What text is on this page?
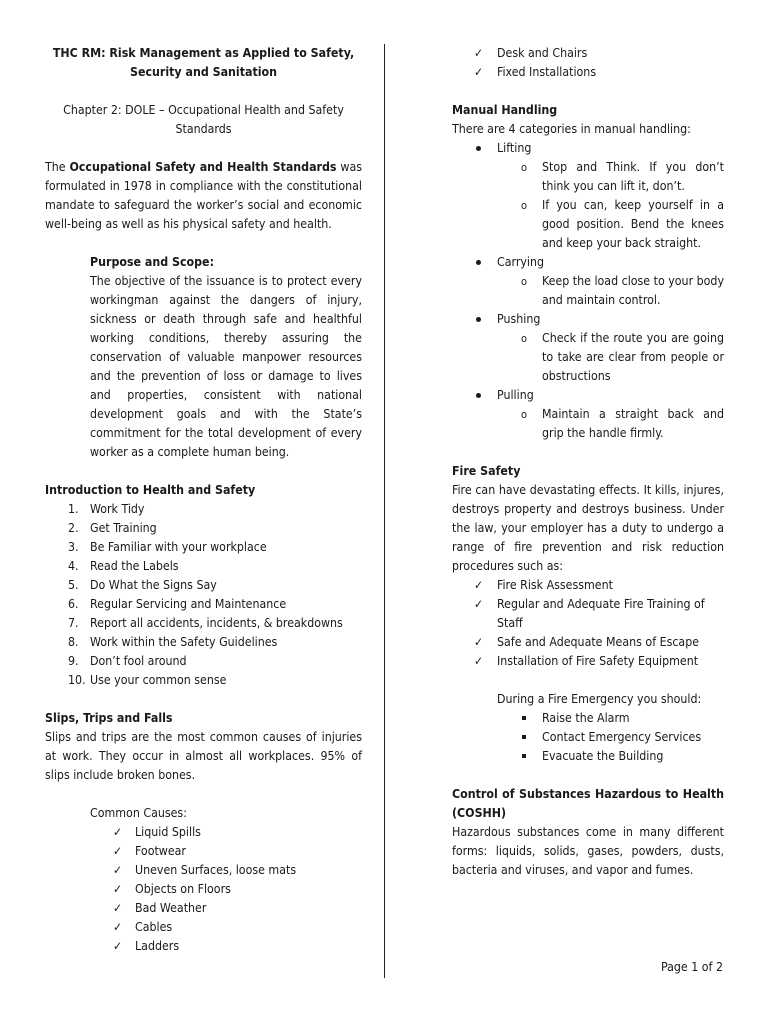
THC RM: Risk Management as Applied to Safety,
Security and Sanitation
Chapter 2: DOLE – Occupational Health and Safety
Standards
The Occupational Safety and Health Standards was formulated in 1978 in compliance with the constitutional mandate to safeguard the worker’s social and economic well-being as well as his physical safety and health.
Purpose and Scope:
The objective of the issuance is to protect every workingman against the dangers of injury, sickness or death through safe and healthful working conditions, thereby assuring the conservation of valuable manpower resources and the prevention of loss or damage to lives and properties, consistent with national development goals and with the State’s commitment for the total development of every worker as a complete human being.
Introduction to Health and Safety
1. Work Tidy
2. Get Training
3. Be Familiar with your workplace
4. Read the Labels
5. Do What the Signs Say
6. Regular Servicing and Maintenance
7. Report all accidents, incidents, & breakdowns
8. Work within the Safety Guidelines
9. Don’t fool around
10. Use your common sense
Slips, Trips and Falls
Slips and trips are the most common causes of injuries at work. They occur in almost all workplaces. 95% of slips include broken bones.
Common Causes:
✓ Liquid Spills
✓ Footwear
✓ Uneven Surfaces, loose mats
✓ Objects on Floors
✓ Bad Weather
✓ Cables
✓ Ladders
✓ Desk and Chairs
✓ Fixed Installations
Manual Handling
There are 4 categories in manual handling:
Lifting
o Stop and Think. If you don’t think you can lift it, don’t.
o If you can, keep yourself in a good position. Bend the knees and keep your back straight.
Carrying
o Keep the load close to your body and maintain control.
Pushing
o Check if the route you are going to take are clear from people or obstructions
Pulling
o Maintain a straight back and grip the handle firmly.
Fire Safety
Fire can have devastating effects. It kills, injures, destroys property and destroys business. Under the law, your employer has a duty to undergo a range of fire prevention and risk reduction procedures such as:
✓ Fire Risk Assessment
✓ Regular and Adequate Fire Training of Staff
✓ Safe and Adequate Means of Escape
✓ Installation of Fire Safety Equipment
During a Fire Emergency you should:
Raise the Alarm
Contact Emergency Services
Evacuate the Building
Control of Substances Hazardous to Health (COSHH)
Hazardous substances come in many different forms: liquids, solids, gases, powders, dusts, bacteria and viruses, and vapor and fumes.
Page 1 of 2
